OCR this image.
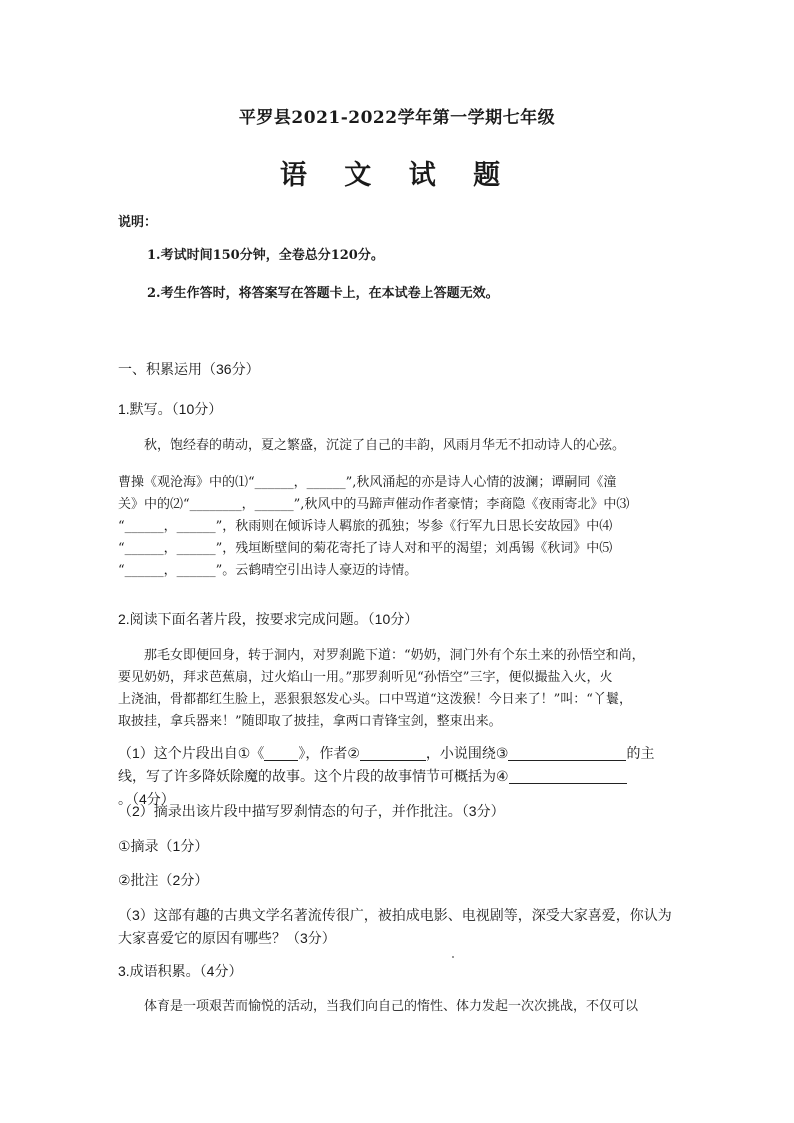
平罗县2021-2022学年第一学期七年级
语 文 试 题

说明：

1.考试时间150分钟，全卷总分120分。

2.考生作答时，将答案写在答题卡上，在本试卷上答题无效。

一、积累运用（36分）

1.默写。（10分）

秋，饱经春的萌动，夏之繁盛，沉淀了自己的丰韵，风雨月华无不扣动诗人的心弦。

曹操《观沧海》中的⑴“______，______”,秋风涌起的亦是诗人心情的波澜；谭嗣同《潼

关》中的⑵“________，______”,秋风中的马蹄声催动作者豪情；李商隐《夜雨寄北》中⑶

“______，______”，秋雨则在倾诉诗人羁旅的孤独；岑参《行军九日思长安故园》中⑷

“______，______”，残垣断壁间的菊花寄托了诗人对和平的渴望；刘禹锡《秋词》中⑸

“______，______”。云鹤晴空引出诗人豪迈的诗情。

2.阅读下面名著片段，按要求完成问题。（10分）

那毛女即便回身，转于洞内，对罗刹跪下道：“奶奶，洞门外有个东土来的孙悟空和尚，

要见奶奶，拜求芭蕉扇，过火焰山一用。”那罗刹听见“孙悟空”三字，便似撮盐入火，火

上浇油，骨都都红生脸上，恶狠狠怒发心头。口中骂道“这泼猴！今日来了！”叫：“丫鬟，

取披挂，拿兵器来！”随即取了披挂，拿两口青锋宝剑，整束出来。

（1）这个片段出自①《 》，作者②	，小说围绕③	的主

线，写了许多降妖除魔的故事。这个片段的故事情节可概括为④。（4分）

（2）摘录出该片段中描写罗刹情态的句子，并作批注。（3分）

①摘录（1分）

②批注（2分）

（3）这部有趣的古典文学名著流传很广，被拍成电影、电视剧等，深受大家喜爱，你认为

大家喜爱它的原因有哪些？（3分）

3.成语积累。（4分）

体育是一项艰苦而愉悦的活动，当我们向自己的惰性、体力发起一次次挑战，不仅可以
